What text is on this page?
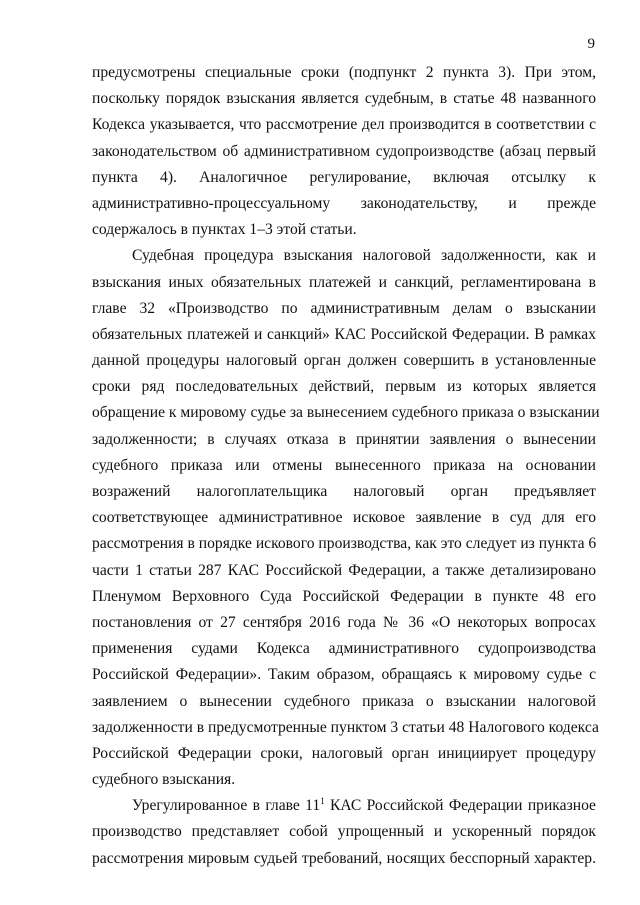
9
предусмотрены специальные сроки (подпункт 2 пункта 3). При этом,
поскольку порядок взыскания является судебным, в статье 48 названного
Кодекса указывается, что рассмотрение дел производится в соответствии с
законодательством об административном судопроизводстве (абзац первый
пункта 4). Аналогичное регулирование, включая отсылку к
административно-процессуальному законодательству, и прежде
содержалось в пунктах 1–3 этой статьи.
Судебная процедура взыскания налоговой задолженности, как и
взыскания иных обязательных платежей и санкций, регламентирована в
главе 32 «Производство по административным делам о взыскании
обязательных платежей и санкций» КАС Российской Федерации. В рамках
данной процедуры налоговый орган должен совершить в установленные
сроки ряд последовательных действий, первым из которых является
обращение к мировому судье за вынесением судебного приказа о взыскании
задолженности; в случаях отказа в принятии заявления о вынесении
судебного приказа или отмены вынесенного приказа на основании
возражений налогоплательщика налоговый орган предъявляет
соответствующее административное исковое заявление в суд для его
рассмотрения в порядке искового производства, как это следует из пункта 6
части 1 статьи 287 КАС Российской Федерации, а также детализировано
Пленумом Верховного Суда Российской Федерации в пункте 48 его
постановления от 27 сентября 2016 года № 36 «О некоторых вопросах
применения судами Кодекса административного судопроизводства
Российской Федерации». Таким образом, обращаясь к мировому судье с
заявлением о вынесении судебного приказа о взыскании налоговой
задолженности в предусмотренные пунктом 3 статьи 48 Налогового кодекса
Российской Федерации сроки, налоговый орган инициирует процедуру
судебного взыскания.
Урегулированное в главе 11$^1$ КАС Российской Федерации приказное
производство представляет собой упрощенный и ускоренный порядок
рассмотрения мировым судьей требований, носящих бесспорный характер.
